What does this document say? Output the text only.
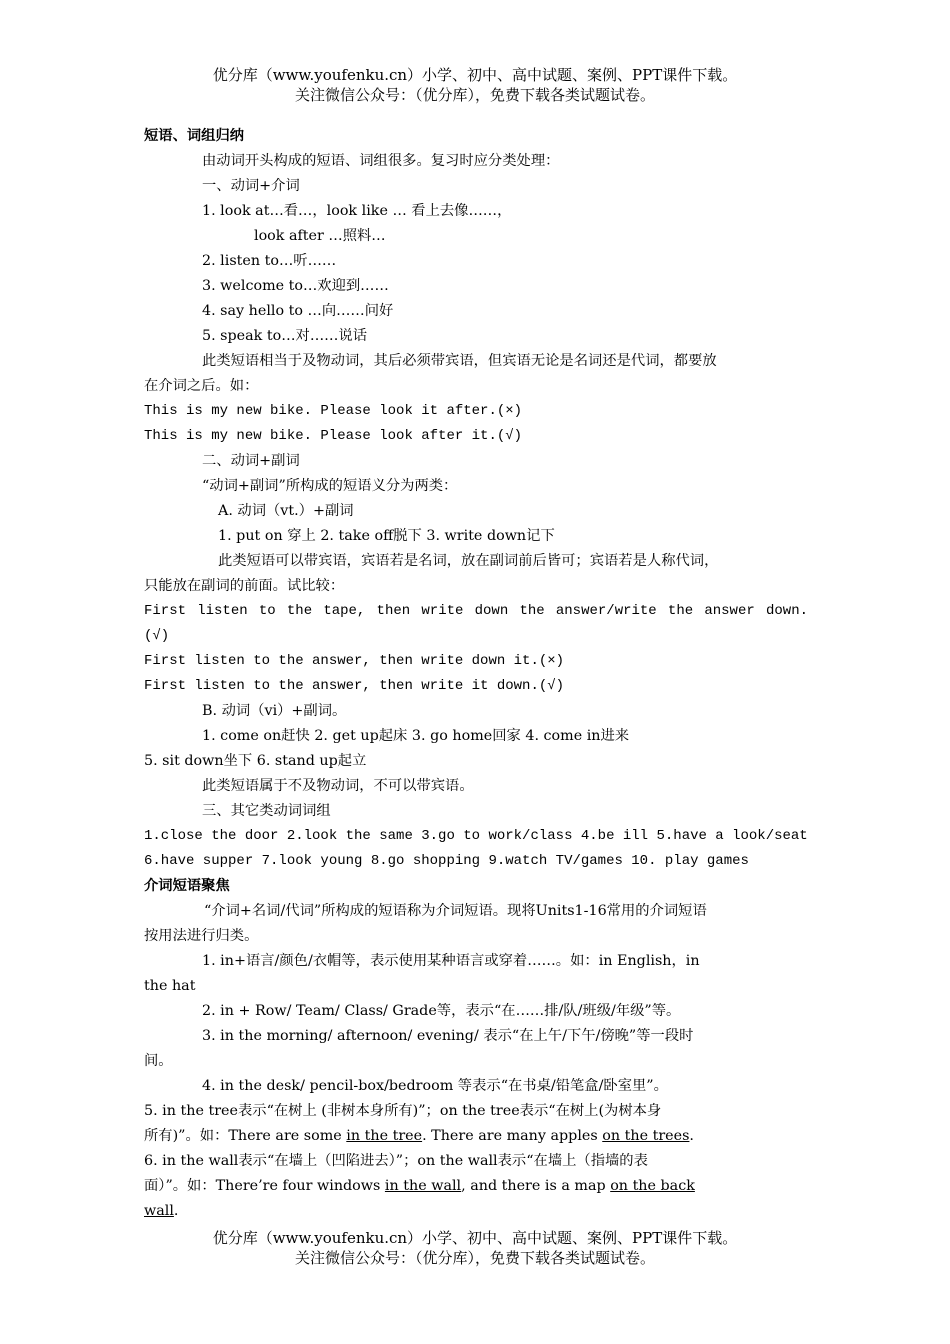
优分库（www.youfenku.cn）小学、初中、高中试题、案例、PPT课件下载。
关注微信公众号：（优分库），免费下载各类试题试卷。
短语、词组归纳
由动词开头构成的短语、词组很多。复习时应分类处理：
一、动词+介词
1. look at…看…，look like … 看上去像……，
look after …照料…
2. listen to…听……
3. welcome to…欢迎到……
4. say hello to …向……问好
5. speak to…对……说话
此类短语相当于及物动词，其后必须带宾语，但宾语无论是名词还是代词，都要放
在介词之后。如：
This is my new bike. Please look it after.(×)
This is my new bike. Please look after it.(√)
二、动词+副词
“动词+副词”所构成的短语义分为两类：
A. 动词（vt.）+副词
1. put on 穿上 2. take off脱下 3. write down记下
此类短语可以带宾语，宾语若是名词，放在副词前后皆可；宾语若是人称代词，
只能放在副词的前面。试比较：
First listen to the tape, then write down the answer/write the answer down.
(√)
First listen to the answer, then write down it.(×)
First listen to the answer, then write it down.(√)
B. 动词（vi）+副词。
1. come on赶快 2. get up起床 3. go home回家 4. come in进来
5. sit down坐下 6. stand up起立
此类短语属于不及物动词，不可以带宾语。
三、其它类动词词组
1.close the door 2.look the same 3.go to work/class 4.be ill 5.have a look/seat
6.have supper 7.look young 8.go shopping 9.watch TV/games 10. play games
介词短语聚焦
“介词+名词/代词”所构成的短语称为介词短语。现将Units1-16常用的介词短语
按用法进行归类。
1. in+语言/颜色/衣帽等，表示使用某种语言或穿着……。如：in English，in
the hat
2. in + Row/ Team/ Class/ Grade等，表示“在……排/队/班级/年级”等。
3. in the morning/ afternoon/ evening/ 表示“在上午/下午/傍晚”等一段时
间。
4. in the desk/ pencil-box/bedroom 等表示“在书桌/铅笔盒/卧室里”。
5. in the tree表示“在树上 (非树本身所有)”；on the tree表示“在树上(为树本身
所有)”。如：There are some in the tree. There are many apples on the trees.
6. in the wall表示“在墙上（凹陷进去）”；on the wall表示“在墙上（指墙的表
面）”。如：There’re four windows in the wall, and there is a map on the back
wall.
优分库（www.youfenku.cn）小学、初中、高中试题、案例、PPT课件下载。
关注微信公众号：（优分库），免费下载各类试题试卷。
